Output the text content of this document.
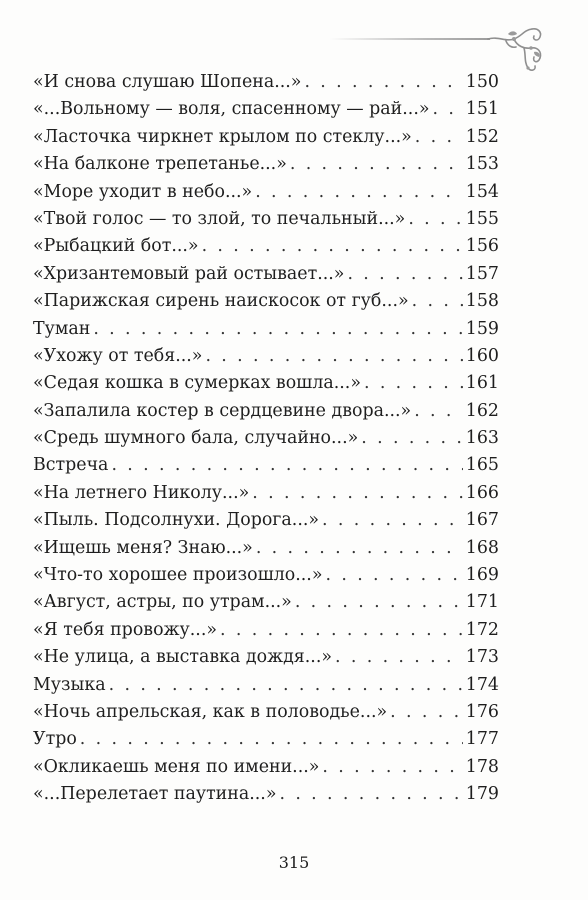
«И снова слушаю Шопена...» . . .	150
«...Вольному — воля, спасенному — рай...» . . . 151
«Ласточка чиркнет крылом по стеклу...» . . .	152
«На балконе трепетанье...» . . .	153
«Море уходит в небо...» . . .	154
«Твой голос — то злой, то печальный...» . . .	155
«Рыбацкий бот...» . . .	156
«Хризантемовый рай остывает...» . . .	157
«Парижская сирень наискосок от губ...» . . .	158
Туман . . .	159
«Ухожу от тебя...» . . .	160
«Седая кошка в сумерках вошла...» . . .	161
«Запалила костер в сердцевине двора...» . . .	162
«Средь шумного бала, случайно...» . . .	163
Встреча . . .	165
«На летнего Николу...» . . .	166
«Пыль. Подсолнухи. Дорога...» . . .	167
«Ищешь меня? Знаю...» . . .	168
«Что-то хорошее произошло...» . . .	169
«Август, астры, по утрам...» . . .	171
«Я тебя провожу...» . . .	172
«Не улица, а выставка дождя...» . . .	173
Музыка . . .	174
«Ночь апрельская, как в половодье...» . . .	176
Утро . . .	177
«Окликаешь меня по имени...» . . .	178
«...Перелетает паутина...» . . .	179
315
